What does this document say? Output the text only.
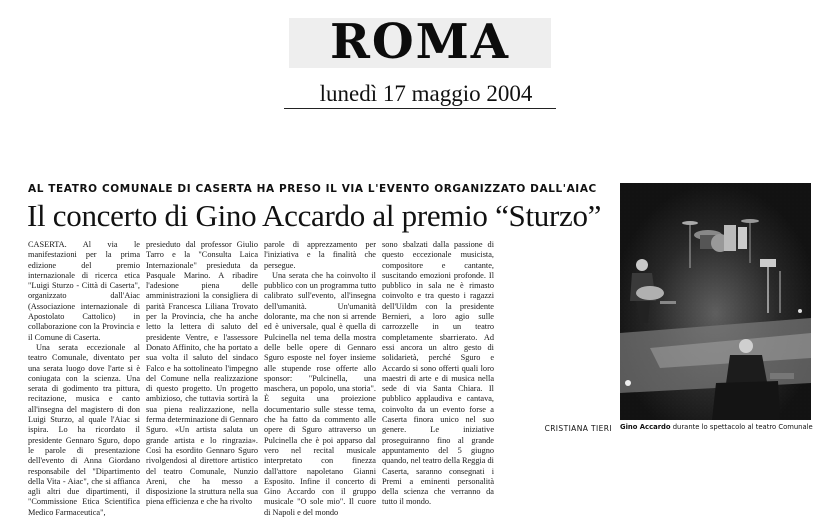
ROMA
lunedì 17 maggio 2004
AL TEATRO COMUNALE DI CASERTA HA PRESO IL VIA L'EVENTO ORGANIZZATO DALL'AIAC
Il concerto di Gino Accardo al premio “Sturzo”

CASERTA. Al via le manifestazioni per la prima edizione del premio internazionale di ricerca etica "Luigi Sturzo - Città di Caserta", organizzato dall'Aiac (Associazione internazionale di Apostolato Cattolico) in collaborazione con la Provincia e il Comune di Caserta.

Una serata eccezionale al teatro Comunale, diventato per una serata luogo dove l'arte si è coniugata con la scienza. Una serata di godimento tra pittura, recitazione, musica e canto all'insegna del magistero di don Luigi Sturzo, al quale l'Aiac si ispira. Lo ha ricordato il presidente Gennaro Sguro, dopo le parole di presentazione dell'evento di Anna Giordano responsabile del "Dipartimento della Vita - Aiac", che si affianca agli altri due dipartimenti, il "Commissione Etica Scientifica Medico Farmaceutica",

presieduto dal professor Giulio Tarro e la "Consulta Laica Internazionale" presieduta da Pasquale Marino. A ribadire l'adesione piena delle amministrazioni la consigliera di parità Francesca Liliana Trovato per la Provincia, che ha anche letto la lettera di saluto del presidente Ventre, e l'assessore Donato Affinito, che ha portato a sua volta il saluto del sindaco Falco e ha sottolineato l'impegno del Comune nella realizzazione di questo progetto. Un progetto ambizioso, che tuttavia sortirà la sua piena realizzazione, nella ferma determinazione di Gennaro Sguro. «Un artista saluta un grande artista e lo ringrazia». Così ha esordito Gennaro Sguro rivolgendosi al direttore artistico del teatro Comunale, Nunzio Areni, che ha messo a disposizione la struttura nella sua piena efficienza e che ha rivolto

parole di apprezzamento per l'iniziativa e la finalità che persegue.

Una serata che ha coinvolto il pubblico con un programma tutto calibrato sull'evento, all'insegna dell'umanità. Un'umanità dolorante, ma che non si arrende ed è universale, qual è quella di Pulcinella nel tema della mostra delle belle opere di Gennaro Sguro esposte nel foyer insieme alle stupende rose offerte allo sponsor: "Pulcinella, una maschera, un popolo, una storia". È seguita una proiezione documentario sulle stesse tema, che ha fatto da commento alle opere di Sguro attraverso un Pulcinella che è poi apparso dal vero nel recital musicale interpretato con finezza dall'attore napoletano Gianni Esposito. Infine il concerto di Gino Accardo con il gruppo musicale "O sole mio". Il cuore di Napoli e del mondo

sono sbalzati dalla passione di questo eccezionale musicista, compositore e cantante, suscitando emozioni profonde. Il pubblico in sala ne è rimasto coinvolto e tra questo i ragazzi dell'Uildm con la presidente Bernieri, a loro agio sulle carrozzelle in un teatro completamente sbarrierato. Ad essi ancora un altro gesto di solidarietà, perché Sguro e Accardo si sono offerti quali loro maestri di arte e di musica nella sede di via Santa Chiara. Il pubblico applaudiva e cantava, coinvolto da un evento forse a Caserta finora unico nel suo genere. Le iniziative proseguiranno fino al grande appuntamento del 5 giugno quando, nel teatro della Reggia di Caserta, saranno consegnati i Premi a eminenti personalità della scienza che verranno da tutto il mondo.

CRISTIANA TIERI Gino Accardo durante lo spettacolo al teatro Comunale
